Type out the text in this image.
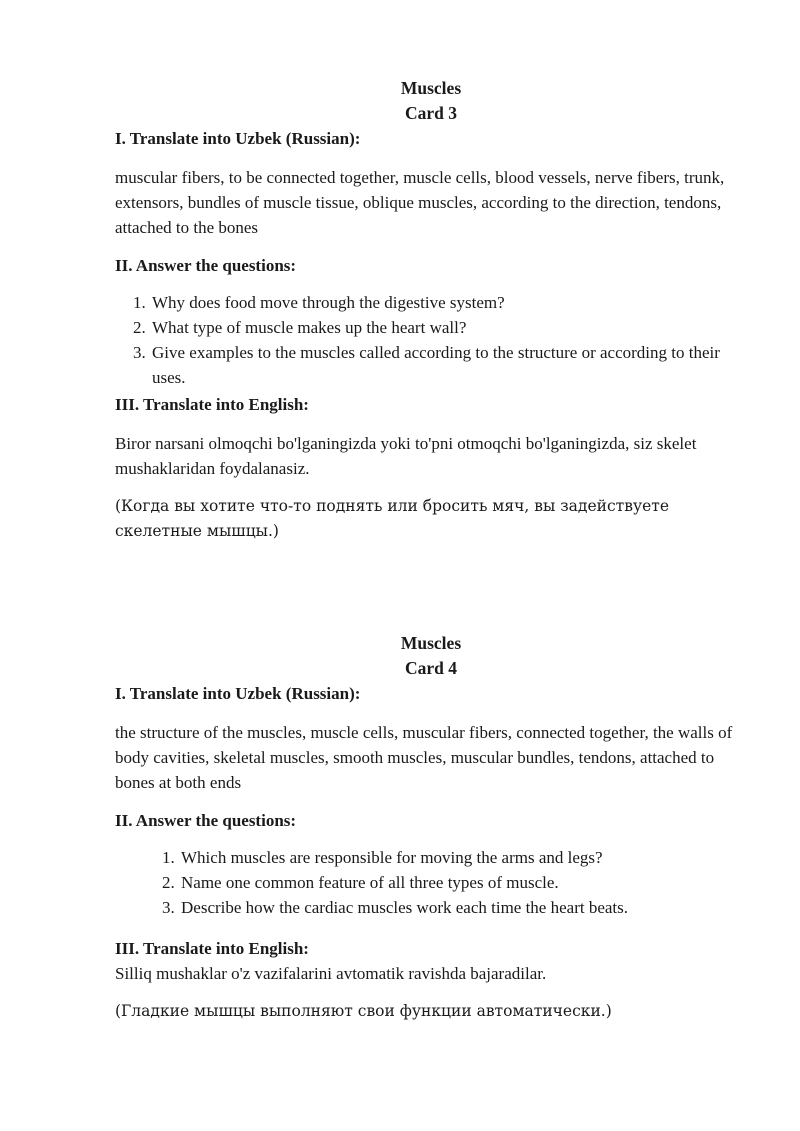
Muscles

Card 3

I. Translate into Uzbek (Russian):

muscular fibers, to be connected together, muscle cells, blood vessels, nerve fibers, trunk, extensors, bundles of muscle tissue, oblique muscles, according to the direction, tendons, attached to the bones

II. Answer the questions:

1. Why does food move through the digestive system?
2. What type of muscle makes up the heart wall?
3. Give examples to the muscles called according to the structure or according to their uses.

III. Translate into English:

Biror narsani olmoqchi bo'lganingizda yoki to'pni otmoqchi bo'lganingizda, siz skelet mushaklaridan foydalanasiz.

(Когда вы хотите что-то поднять или бросить мяч, вы задействуете скелетные мышцы.)

Muscles

Card 4

I. Translate into Uzbek (Russian):

the structure of the muscles, muscle cells, muscular fibers, connected together, the walls of body cavities, skeletal muscles, smooth muscles, muscular bundles, tendons, attached to bones at both ends

II. Answer the questions:

1. Which muscles are responsible for moving the arms and legs?
2. Name one common feature of all three types of muscle.
3. Describe how the cardiac muscles work each time the heart beats.

III. Translate into English:

Silliq mushaklar o'z vazifalarini avtomatik ravishda bajaradilar.

(Гладкие мышцы выполняют свои функции автоматически.)
